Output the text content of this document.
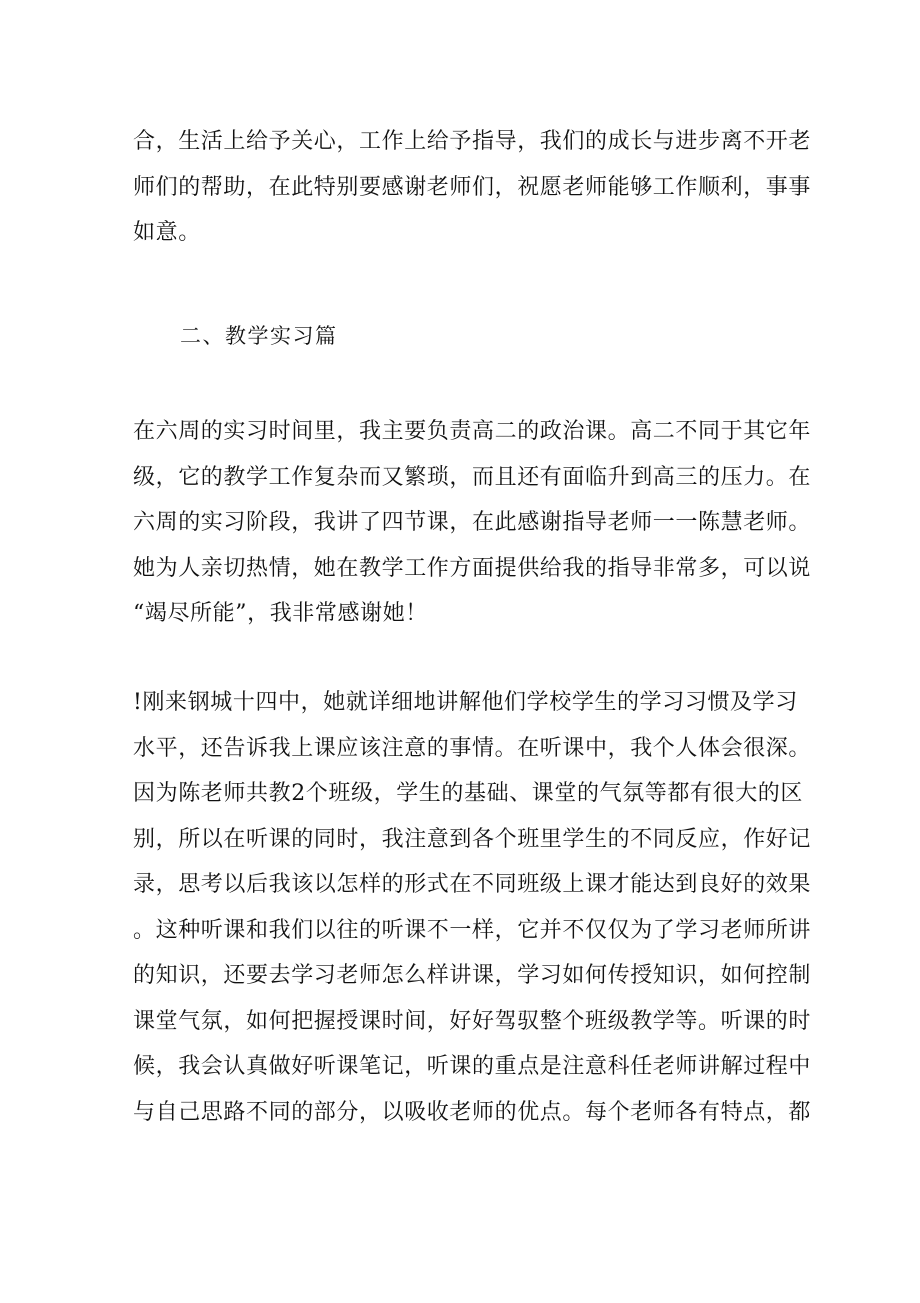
合，生活上给予关心，工作上给予指导，我们的成长与进步离不开老
师们的帮助，在此特别要感谢老师们，祝愿老师能够工作顺利，事事
如意。

二、教学实习篇

在六周的实习时间里，我主要负责高二的政治课。高二不同于其它年
级，它的教学工作复杂而又繁琐，而且还有面临升到高三的压力。在
六周的实习阶段，我讲了四节课，在此感谢指导老师一一陈慧老师。
她为人亲切热情，她在教学工作方面提供给我的指导非常多，可以说
“竭尽所能”，我非常感谢她！

!刚来钢城十四中，她就详细地讲解他们学校学生的学习习惯及学习
水平，还告诉我上课应该注意的事情。在听课中，我个人体会很深。
因为陈老师共教2个班级，学生的基础、课堂的气氛等都有很大的区
别，所以在听课的同时，我注意到各个班里学生的不同反应，作好记
录，思考以后我该以怎样的形式在不同班级上课才能达到良好的效果
。这种听课和我们以往的听课不一样，它并不仅仅为了学习老师所讲
的知识，还要去学习老师怎么样讲课，学习如何传授知识，如何控制
课堂气氛，如何把握授课时间，好好驾驭整个班级教学等。听课的时
候，我会认真做好听课笔记，听课的重点是注意科任老师讲解过程中
与自己思路不同的部分，以吸收老师的优点。每个老师各有特点，都
